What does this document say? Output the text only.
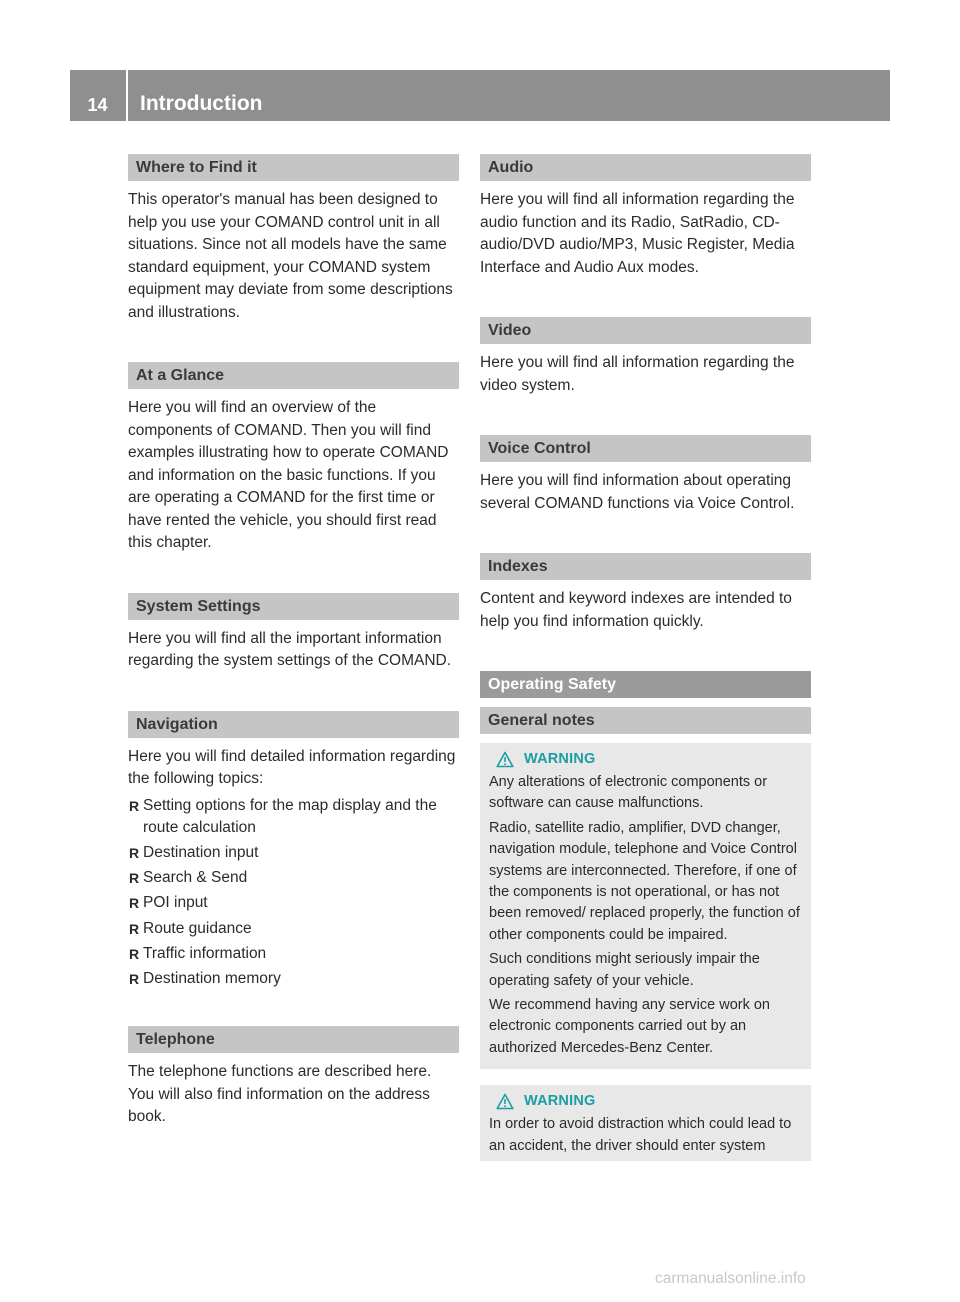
14	Introduction
Where to Find it

This operator's manual has been designed to help you use your COMAND control unit in all situations. Since not all models have the same standard equipment, your COMAND system equipment may deviate from some descriptions and illustrations.

At a Glance

Here you will find an overview of the components of COMAND. Then you will find examples illustrating how to operate COMAND and information on the basic functions. If you are operating a COMAND for the first time or have rented the vehicle, you should first read this chapter.

System Settings

Here you will find all the important information regarding the system settings of the COMAND.

Navigation

Here you will find detailed information regarding the following topics:

R Setting options for the map display and the route calculation
R Destination input
R Search & Send
R POI input
R Route guidance
R Traffic information
R Destination memory
Telephone

The telephone functions are described here. You will also find information on the address book.

Audio

Here you will find all information regarding the audio function and its Radio, SatRadio, CD-audio/DVD audio/MP3, Music Register, Media Interface and Audio Aux modes.

Video

Here you will find all information regarding the video system.

Voice Control

Here you will find information about operating several COMAND functions via Voice Control.

Indexes

Content and keyword indexes are intended to help you find information quickly.

Operating Safety
General notes
WARNING

Any alterations of electronic components or software can cause malfunctions.

Radio, satellite radio, amplifier, DVD changer, navigation module, telephone and Voice Control systems are interconnected. Therefore, if one of the components is not operational, or has not been removed/ replaced properly, the function of other components could be impaired.

Such conditions might seriously impair the operating safety of your vehicle.

We recommend having any service work on electronic components carried out by an authorized Mercedes-Benz Center.

WARNING

In order to avoid distraction which could lead to an accident, the driver should enter system

carmanualsonline.info
